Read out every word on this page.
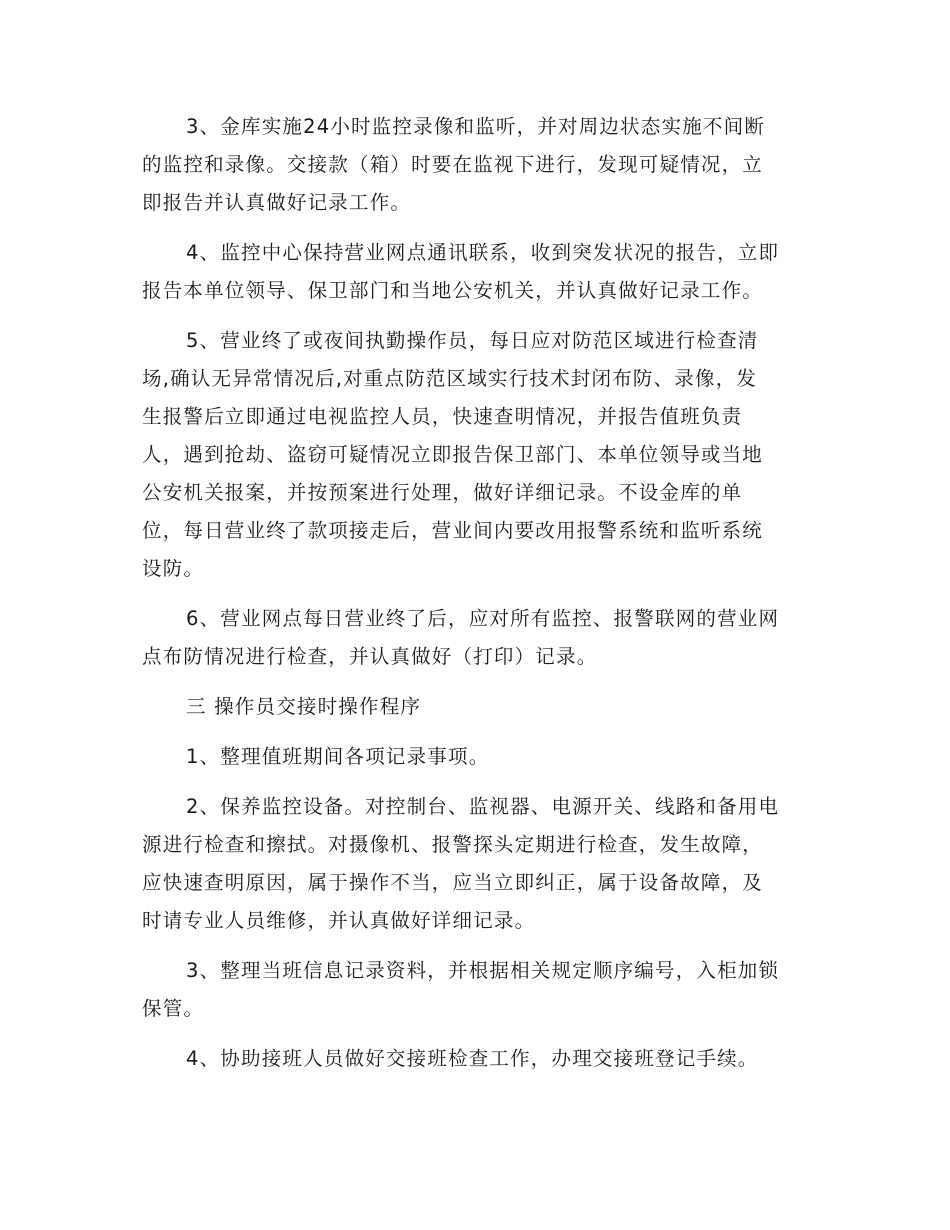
3、金库实施24小时监控录像和监听，并对周边状态实施不间断
的监控和录像。交接款（箱）时要在监视下进行，发现可疑情况，立
即报告并认真做好记录工作。

4、监控中心保持营业网点通讯联系，收到突发状况的报告，立即
报告本单位领导、保卫部门和当地公安机关，并认真做好记录工作。

5、营业终了或夜间执勤操作员，每日应对防范区域进行检查清
场,确认无异常情况后,对重点防范区域实行技术封闭布防、录像，发
生报警后立即通过电视监控人员，快速查明情况，并报告值班负责
人，遇到抢劫、盗窃可疑情况立即报告保卫部门、本单位领导或当地
公安机关报案，并按预案进行处理，做好详细记录。不设金库的单
位，每日营业终了款项接走后，营业间内要改用报警系统和监听系统
设防。

6、营业网点每日营业终了后，应对所有监控、报警联网的营业网
点布防情况进行检查，并认真做好（打印）记录。

三 操作员交接时操作程序

1、整理值班期间各项记录事项。

2、保养监控设备。对控制台、监视器、电源开关、线路和备用电
源进行检查和擦拭。对摄像机、报警探头定期进行检查，发生故障，
应快速查明原因，属于操作不当，应当立即纠正，属于设备故障，及
时请专业人员维修，并认真做好详细记录。

3、整理当班信息记录资料，并根据相关规定顺序编号，入柜加锁
保管。

4、协助接班人员做好交接班检查工作，办理交接班登记手续。
